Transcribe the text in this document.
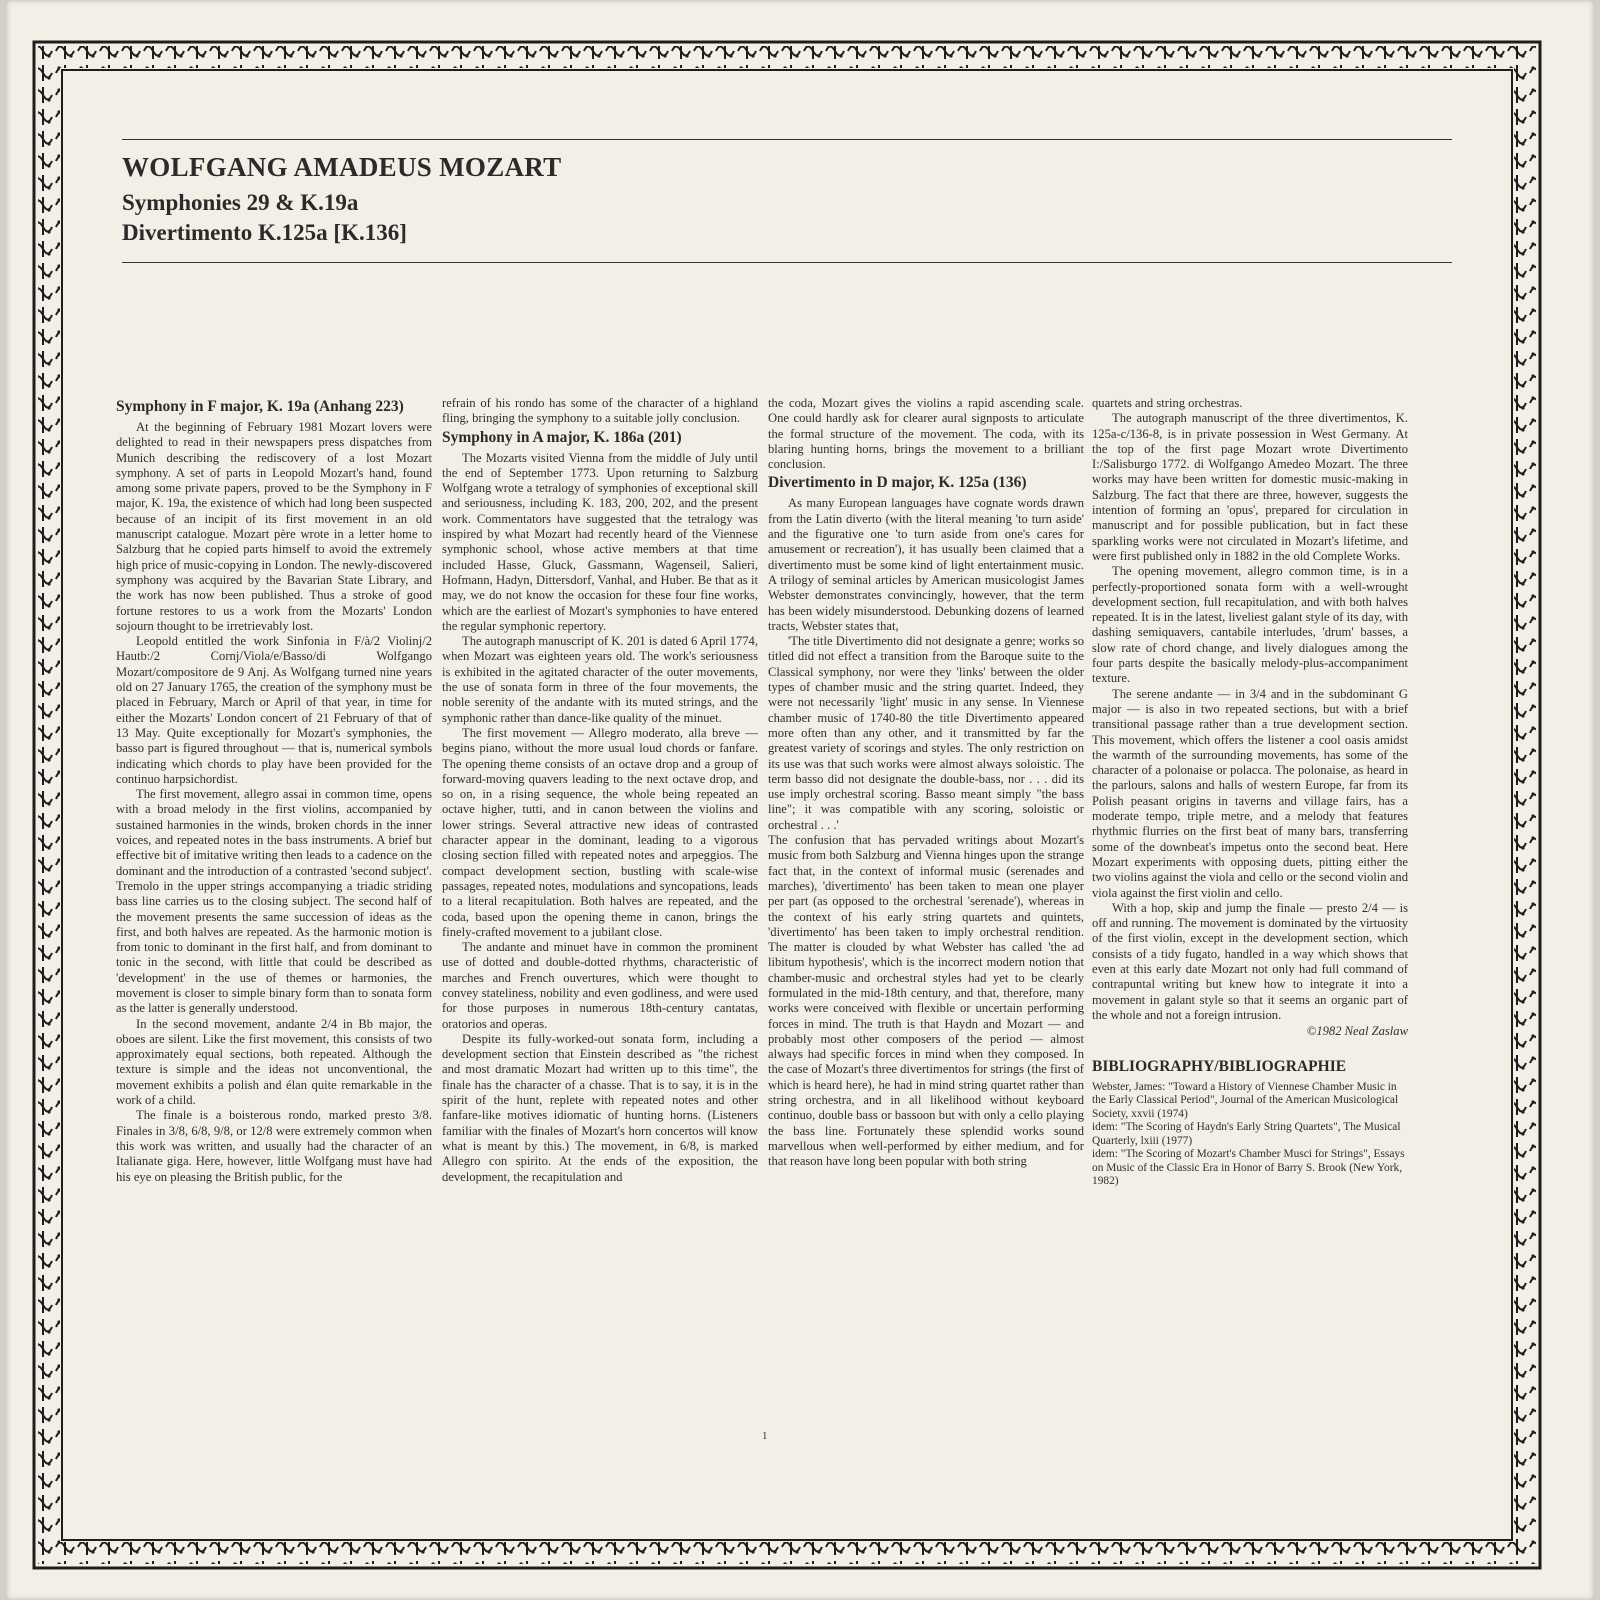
WOLFGANG AMADEUS MOZART
Symphonies 29 & K.19a
Divertimento K.125a [K.136]
Symphony in F major, K. 19a (Anhang 223)

At the beginning of February 1981 Mozart lovers were delighted to read in their newspapers press dispatches from Munich describing the rediscovery of a lost Mozart symphony. A set of parts in Leopold Mozart's hand, found among some private papers, proved to be the Symphony in F major, K. 19a, the existence of which had long been suspected because of an incipit of its first movement in an old manuscript catalogue. Mozart père wrote in a letter home to Salzburg that he copied parts himself to avoid the extremely high price of music-copying in London. The newly-discovered symphony was acquired by the Bavarian State Library, and the work has now been published. Thus a stroke of good fortune restores to us a work from the Mozarts' London sojourn thought to be irretrievably lost.

Leopold entitled the work Sinfonia in F/à/2 Violinj/2 Hautb:/2 Cornj/Viola/e/Basso/di Wolfgango Mozart/compositore de 9 Anj. As Wolfgang turned nine years old on 27 January 1765, the creation of the symphony must be placed in February, March or April of that year, in time for either the Mozarts' London concert of 21 February of that of 13 May. Quite exceptionally for Mozart's symphonies, the basso part is figured throughout — that is, numerical symbols indicating which chords to play have been provided for the continuo harpsichordist.

The first movement, allegro assai in common time, opens with a broad melody in the first violins, accompanied by sustained harmonies in the winds, broken chords in the inner voices, and repeated notes in the bass instruments. A brief but effective bit of imitative writing then leads to a cadence on the dominant and the introduction of a contrasted 'second subject'. Tremolo in the upper strings accompanying a triadic striding bass line carries us to the closing subject. The second half of the movement presents the same succession of ideas as the first, and both halves are repeated. As the harmonic motion is from tonic to dominant in the first half, and from dominant to tonic in the second, with little that could be described as 'development' in the use of themes or harmonies, the movement is closer to simple binary form than to sonata form as the latter is generally understood.

In the second movement, andante 2/4 in Bb major, the oboes are silent. Like the first movement, this consists of two approximately equal sections, both repeated. Although the texture is simple and the ideas not unconventional, the movement exhibits a polish and élan quite remarkable in the work of a child.

The finale is a boisterous rondo, marked presto 3/8. Finales in 3/8, 6/8, 9/8, or 12/8 were extremely common when this work was written, and usually had the character of an Italianate giga. Here, however, little Wolfgang must have had his eye on pleasing the British public, for the

refrain of his rondo has some of the character of a highland fling, bringing the symphony to a suitable jolly conclusion.

Symphony in A major, K. 186a (201)

The Mozarts visited Vienna from the middle of July until the end of September 1773. Upon returning to Salzburg Wolfgang wrote a tetralogy of symphonies of exceptional skill and seriousness, including K. 183, 200, 202, and the present work. Commentators have suggested that the tetralogy was inspired by what Mozart had recently heard of the Viennese symphonic school, whose active members at that time included Hasse, Gluck, Gassmann, Wagenseil, Salieri, Hofmann, Hadyn, Dittersdorf, Vanhal, and Huber. Be that as it may, we do not know the occasion for these four fine works, which are the earliest of Mozart's symphonies to have entered the regular symphonic repertory.

The autograph manuscript of K. 201 is dated 6 April 1774, when Mozart was eighteen years old. The work's seriousness is exhibited in the agitated character of the outer movements, the use of sonata form in three of the four movements, the noble serenity of the andante with its muted strings, and the symphonic rather than dance-like quality of the minuet.

The first movement — Allegro moderato, alla breve — begins piano, without the more usual loud chords or fanfare. The opening theme consists of an octave drop and a group of forward-moving quavers leading to the next octave drop, and so on, in a rising sequence, the whole being repeated an octave higher, tutti, and in canon between the violins and lower strings. Several attractive new ideas of contrasted character appear in the dominant, leading to a vigorous closing section filled with repeated notes and arpeggios. The compact development section, bustling with scale-wise passages, repeated notes, modulations and syncopations, leads to a literal recapitulation. Both halves are repeated, and the coda, based upon the opening theme in canon, brings the finely-crafted movement to a jubilant close.

The andante and minuet have in common the prominent use of dotted and double-dotted rhythms, characteristic of marches and French ouvertures, which were thought to convey stateliness, nobility and even godliness, and were used for those purposes in numerous 18th-century cantatas, oratorios and operas.

Despite its fully-worked-out sonata form, including a development section that Einstein described as "the richest and most dramatic Mozart had written up to this time", the finale has the character of a chasse. That is to say, it is in the spirit of the hunt, replete with repeated notes and other fanfare-like motives idiomatic of hunting horns. (Listeners familiar with the finales of Mozart's horn concertos will know what is meant by this.) The movement, in 6/8, is marked Allegro con spirito. At the ends of the exposition, the development, the recapitulation and

the coda, Mozart gives the violins a rapid ascending scale. One could hardly ask for clearer aural signposts to articulate the formal structure of the movement. The coda, with its blaring hunting horns, brings the movement to a brilliant conclusion.

Divertimento in D major, K. 125a (136)

As many European languages have cognate words drawn from the Latin diverto (with the literal meaning 'to turn aside' and the figurative one 'to turn aside from one's cares for amusement or recreation'), it has usually been claimed that a divertimento must be some kind of light entertainment music. A trilogy of seminal articles by American musicologist James Webster demonstrates convincingly, however, that the term has been widely misunderstood. Debunking dozens of learned tracts, Webster states that,

'The title Divertimento did not designate a genre; works so titled did not effect a transition from the Baroque suite to the Classical symphony, nor were they 'links' between the older types of chamber music and the string quartet. Indeed, they were not necessarily 'light' music in any sense. In Viennese chamber music of 1740-80 the title Divertimento appeared more often than any other, and it transmitted by far the greatest variety of scorings and styles. The only restriction on its use was that such works were almost always soloistic. The term basso did not designate the double-bass, nor . . . did its use imply orchestral scoring. Basso meant simply "the bass line"; it was compatible with any scoring, soloistic or orchestral . . .'

The confusion that has pervaded writings about Mozart's music from both Salzburg and Vienna hinges upon the strange fact that, in the context of informal music (serenades and marches), 'divertimento' has been taken to mean one player per part (as opposed to the orchestral 'serenade'), whereas in the context of his early string quartets and quintets, 'divertimento' has been taken to imply orchestral rendition. The matter is clouded by what Webster has called 'the ad libitum hypothesis', which is the incorrect modern notion that chamber-music and orchestral styles had yet to be clearly formulated in the mid-18th century, and that, therefore, many works were conceived with flexible or uncertain performing forces in mind. The truth is that Haydn and Mozart — and probably most other composers of the period — almost always had specific forces in mind when they composed. In the case of Mozart's three divertimentos for strings (the first of which is heard here), he had in mind string quartet rather than string orchestra, and in all likelihood without keyboard continuo, double bass or bassoon but with only a cello playing the bass line. Fortunately these splendid works sound marvellous when well-performed by either medium, and for that reason have long been popular with both string

quartets and string orchestras.

The autograph manuscript of the three divertimentos, K. 125a-c/136-8, is in private possession in West Germany. At the top of the first page Mozart wrote Divertimento I:/Salisburgo 1772. di Wolfgango Amedeo Mozart. The three works may have been written for domestic music-making in Salzburg. The fact that there are three, however, suggests the intention of forming an 'opus', prepared for circulation in manuscript and for possible publication, but in fact these sparkling works were not circulated in Mozart's lifetime, and were first published only in 1882 in the old Complete Works.

The opening movement, allegro common time, is in a perfectly-proportioned sonata form with a well-wrought development section, full recapitulation, and with both halves repeated. It is in the latest, liveliest galant style of its day, with dashing semiquavers, cantabile interludes, 'drum' basses, a slow rate of chord change, and lively dialogues among the four parts despite the basically melody-plus-accompaniment texture.

The serene andante — in 3/4 and in the subdominant G major — is also in two repeated sections, but with a brief transitional passage rather than a true development section. This movement, which offers the listener a cool oasis amidst the warmth of the surrounding movements, has some of the character of a polonaise or polacca. The polonaise, as heard in the parlours, salons and halls of western Europe, far from its Polish peasant origins in taverns and village fairs, has a moderate tempo, triple metre, and a melody that features rhythmic flurries on the first beat of many bars, transferring some of the downbeat's impetus onto the second beat. Here Mozart experiments with opposing duets, pitting either the two violins against the viola and cello or the second violin and viola against the first violin and cello.

With a hop, skip and jump the finale — presto 2/4 — is off and running. The movement is dominated by the virtuosity of the first violin, except in the development section, which consists of a tidy fugato, handled in a way which shows that even at this early date Mozart not only had full command of contrapuntal writing but knew how to integrate it into a movement in galant style so that it seems an organic part of the whole and not a foreign intrusion.

©1982 Neal Zaslaw
BIBLIOGRAPHY/BIBLIOGRAPHIE

Webster, James: "Toward a History of Viennese Chamber Music in the Early Classical Period", Journal of the American Musicological Society, xxvii (1974)

idem: "The Scoring of Haydn's Early String Quartets", The Musical Quarterly, lxiii (1977)

idem: "The Scoring of Mozart's Chamber Musci for Strings", Essays on Music of the Classic Era in Honor of Barry S. Brook (New York, 1982)

1
